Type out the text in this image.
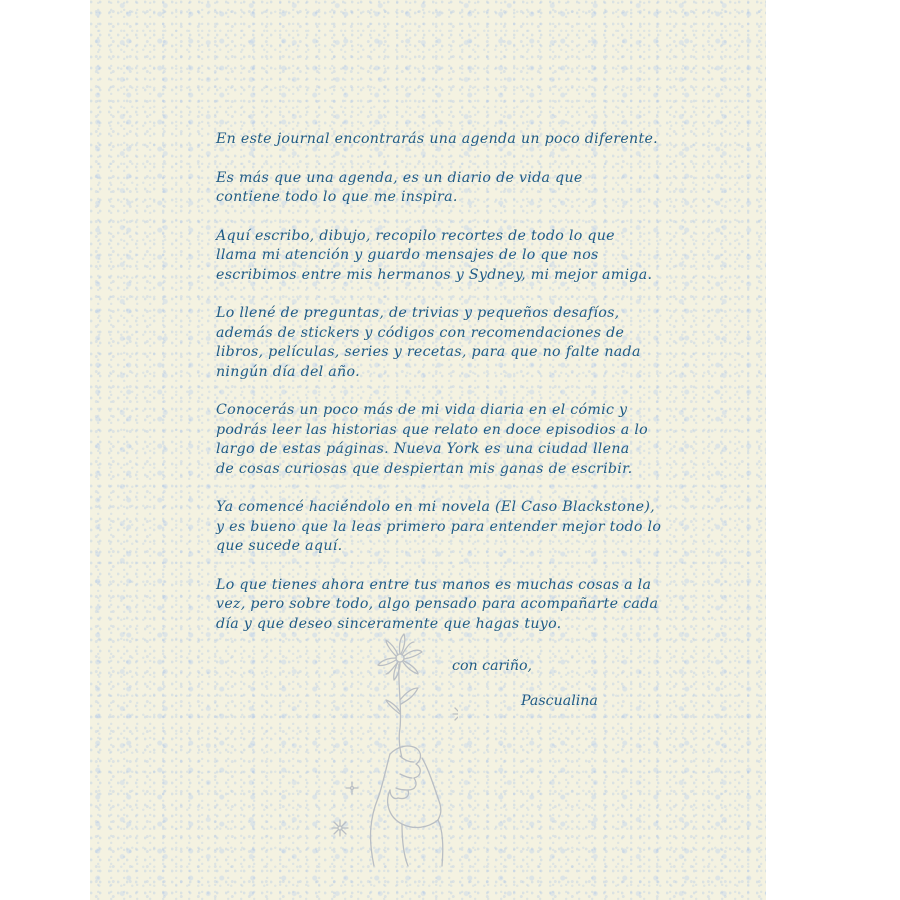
En este journal encontrarás una agenda un poco diferente.
Es más que una agenda, es un diario de vida que
contiene todo lo que me inspira.
Aquí escribo, dibujo, recopilo recortes de todo lo que
llama mi atención y guardo mensajes de lo que nos
escribimos entre mis hermanos y Sydney, mi mejor amiga.
Lo llené de preguntas, de trivias y pequeños desafíos,
además de stickers y códigos con recomendaciones de
libros, películas, series y recetas, para que no falte nada
ningún día del año.
Conocerás un poco más de mi vida diaria en el cómic y
podrás leer las historias que relato en doce episodios a lo
largo de estas páginas. Nueva York es una ciudad llena
de cosas curiosas que despiertan mis ganas de escribir.
Ya comencé haciéndolo en mi novela (El Caso Blackstone),
y es bueno que la leas primero para entender mejor todo lo
que sucede aquí.
Lo que tienes ahora entre tus manos es muchas cosas a la
vez, pero sobre todo, algo pensado para acompañarte cada
día y que deseo sinceramente que hagas tuyo.
con cariño,
Pascualina
